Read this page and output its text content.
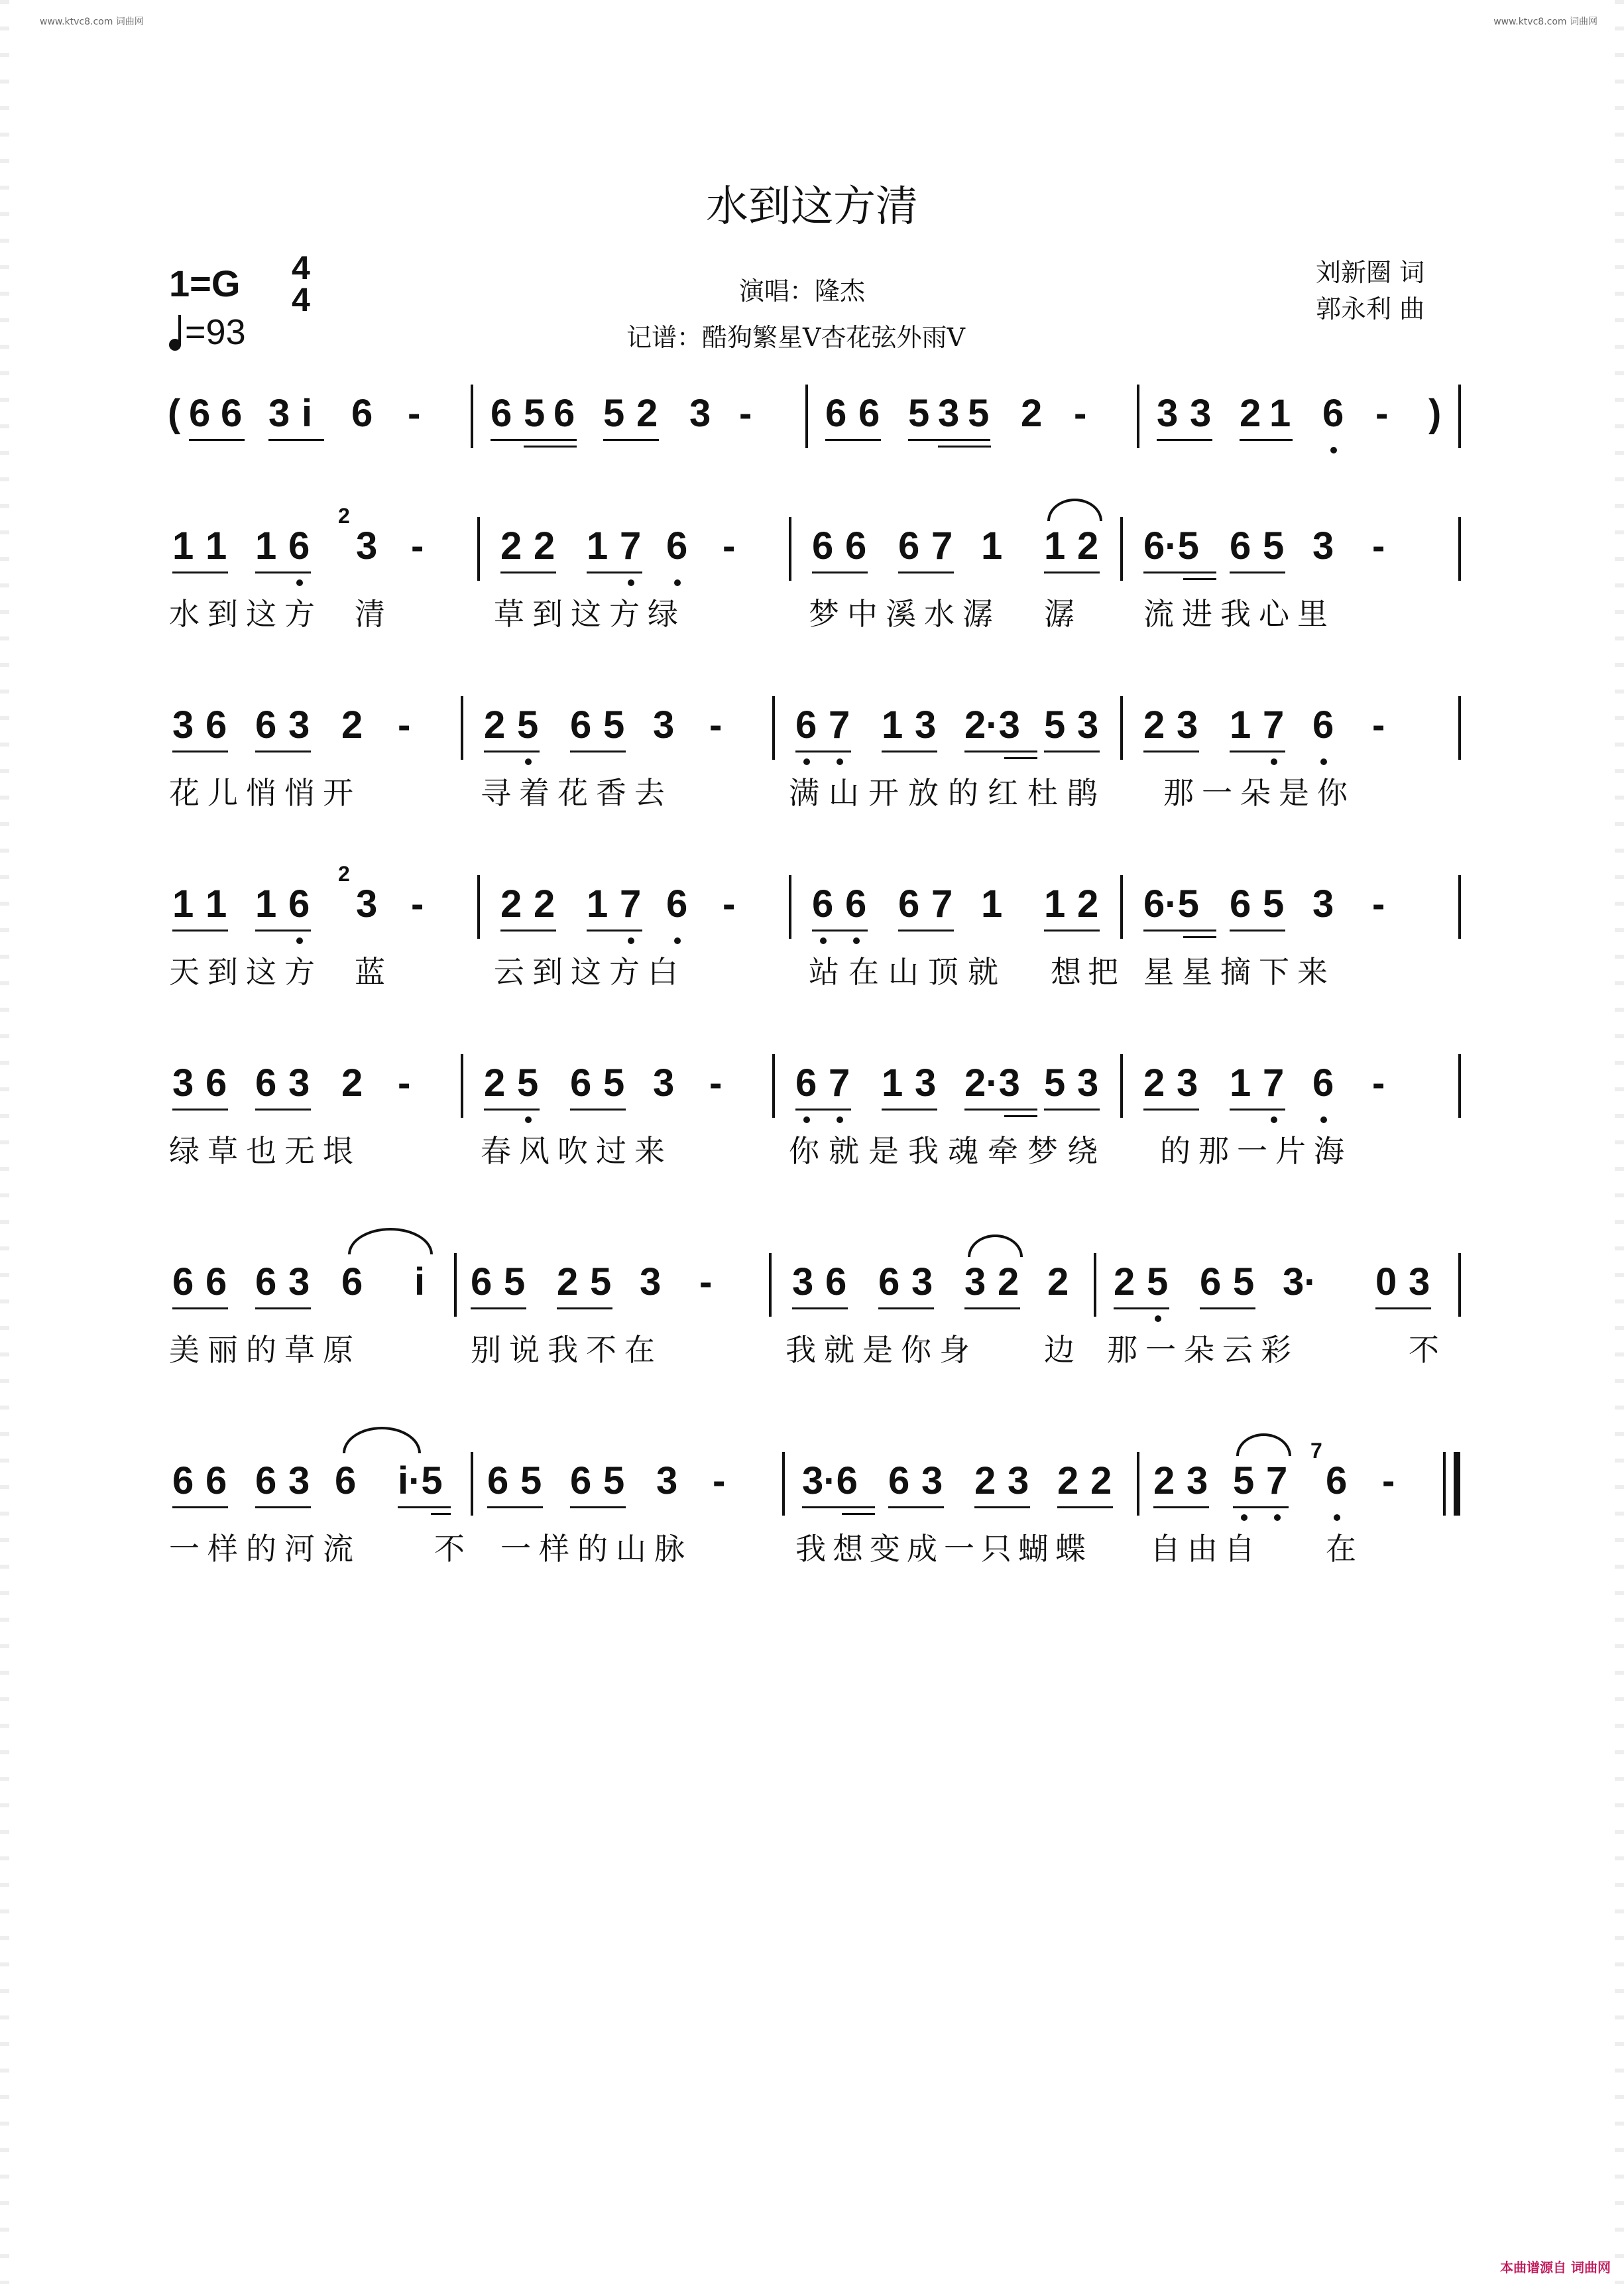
www.ktvc8.com 词曲网	www.ktvc8.com 词曲网
水到这方清
1=G 4
4
=93
演唱：隆杰
记谱：酷狗繁星V杏花弦外雨V
刘新圈 词
郭永利 曲
( 6 6 3 i 6 - 6 5 6 5 2 3 - 6 6 5 3 5 2 - 3 3 2 1 6 - )
1 1 1 6
2
3 - 2 2 1 7 6 - 6 6 6 7 1 1 2 6·5 6 5 3 -
水到这方 清	草到这方绿	梦中溪水潺 潺 流进我心里
3 6 6 3 2 - 2 5 6 5 3 - 6 7 1 3 2·3 5 3 2 3 1 7 6 -
花儿悄悄开	寻着花香去	满山开放的红杜鹃 那一朵是你
1 1 1 6
2
3 - 2 2 1 7 6 - 6 6 6 7 1 1 2 6·5 6 5 3 -
天到这方 蓝	云到这方白	站在山顶就 想把 星星摘下来
3 6 6 3 2 - 2 5 6 5 3 - 6 7 1 3 2·3 5 3 2 3 1 7 6 -
绿草也无垠	春风吹过来	你就是我魂牵梦绕 的那一片海
6 6 6 3 6 i 6 5 2 5 3 - 3 6 6 3 3 2 2 2 5 6 5 3· 0 3
美丽的草原	别说我不在	我就是你身 边 那一朵云彩	不
6 6 6 3 6 i·5 6 5 6 5 3 - 3·6 6 3 2 3 2 2 2 3 5 7
7
6 -
一样的河流 不 一样的山脉	我想变成一只蝴蝶 自由自 在
本曲谱源自 词曲网
